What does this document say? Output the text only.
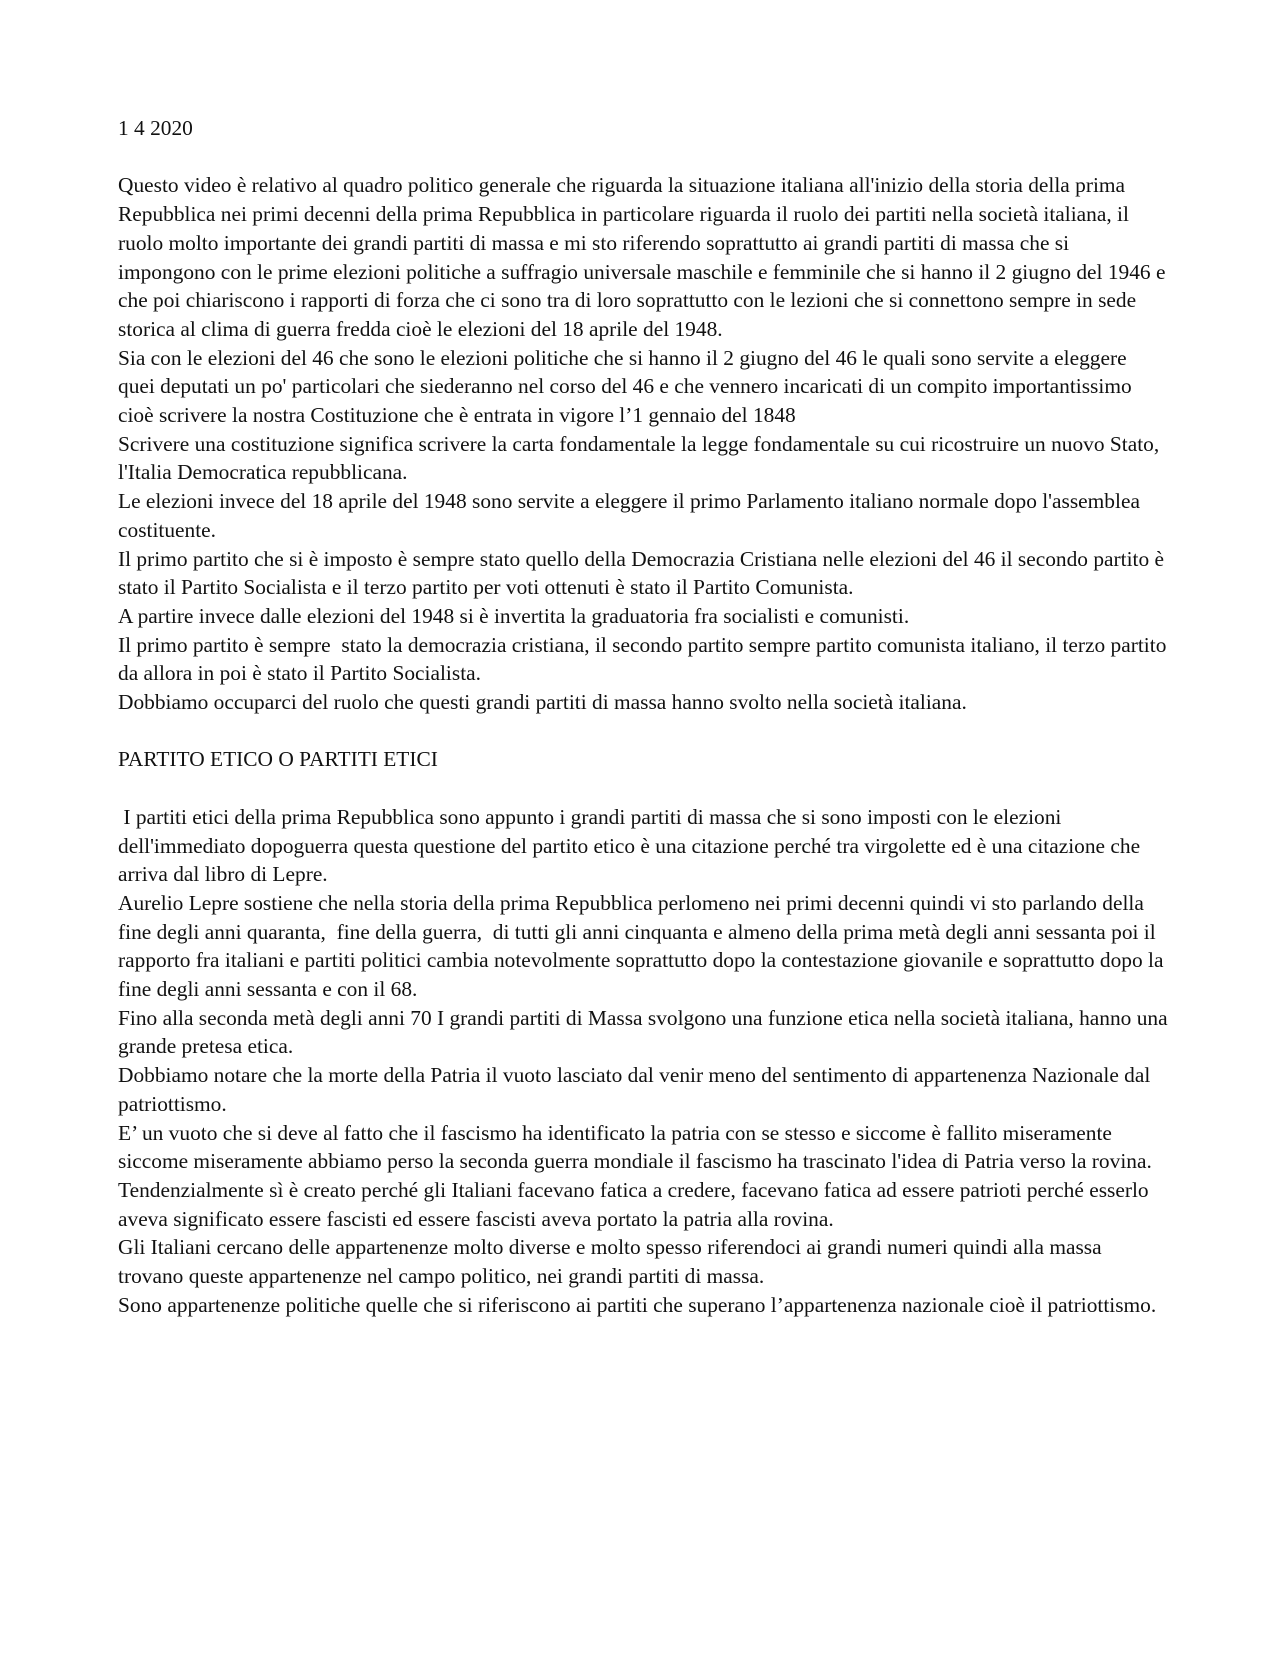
1 4 2020

Questo video è relativo al quadro politico generale che riguarda la situazione italiana all'inizio della storia della prima Repubblica nei primi decenni della prima Repubblica in particolare riguarda il ruolo dei partiti nella società italiana, il ruolo molto importante dei grandi partiti di massa e mi sto riferendo soprattutto ai grandi partiti di massa che si impongono con le prime elezioni politiche a suffragio universale maschile e femminile che si hanno il 2 giugno del 1946 e che poi chiariscono i rapporti di forza che ci sono tra di loro soprattutto con le lezioni che si connettono sempre in sede storica al clima di guerra fredda cioè le elezioni del 18 aprile del 1948.

Sia con le elezioni del 46 che sono le elezioni politiche che si hanno il 2 giugno del 46 le quali sono servite a eleggere  quei deputati un po' particolari che siederanno nel corso del 46 e che vennero incaricati di un compito importantissimo cioè scrivere la nostra Costituzione che è entrata in vigore l’1 gennaio del 1848

Scrivere una costituzione significa scrivere la carta fondamentale la legge fondamentale su cui ricostruire un nuovo Stato, l'Italia Democratica repubblicana.

Le elezioni invece del 18 aprile del 1948 sono servite a eleggere il primo Parlamento italiano normale dopo l'assemblea costituente.

Il primo partito che si è imposto è sempre stato quello della Democrazia Cristiana nelle elezioni del 46 il secondo partito è stato il Partito Socialista e il terzo partito per voti ottenuti è stato il Partito Comunista.

A partire invece dalle elezioni del 1948 si è invertita la graduatoria fra socialisti e comunisti.

Il primo partito è sempre  stato la democrazia cristiana, il secondo partito sempre partito comunista italiano, il terzo partito da allora in poi è stato il Partito Socialista.

Dobbiamo occuparci del ruolo che questi grandi partiti di massa hanno svolto nella società italiana.

PARTITO ETICO O PARTITI ETICI

I partiti etici della prima Repubblica sono appunto i grandi partiti di massa che si sono imposti con le elezioni dell'immediato dopoguerra questa questione del partito etico è una citazione perché tra virgolette ed è una citazione che arriva dal libro di Lepre.

Aurelio Lepre sostiene che nella storia della prima Repubblica perlomeno nei primi decenni quindi vi sto parlando della fine degli anni quaranta,  fine della guerra,  di tutti gli anni cinquanta e almeno della prima metà degli anni sessanta poi il rapporto fra italiani e partiti politici cambia notevolmente soprattutto dopo la contestazione giovanile e soprattutto dopo la fine degli anni sessanta e con il 68.

Fino alla seconda metà degli anni 70 I grandi partiti di Massa svolgono una funzione etica nella società italiana, hanno una grande pretesa etica.

Dobbiamo notare che la morte della Patria il vuoto lasciato dal venir meno del sentimento di appartenenza Nazionale dal patriottismo.

E’ un vuoto che si deve al fatto che il fascismo ha identificato la patria con se stesso e siccome è fallito miseramente siccome miseramente abbiamo perso la seconda guerra mondiale il fascismo ha trascinato l'idea di Patria verso la rovina.

Tendenzialmente sì è creato perché gli Italiani facevano fatica a credere, facevano fatica ad essere patrioti perché esserlo aveva significato essere fascisti ed essere fascisti aveva portato la patria alla rovina.

Gli Italiani cercano delle appartenenze molto diverse e molto spesso riferendoci ai grandi numeri quindi alla massa trovano queste appartenenze nel campo politico, nei grandi partiti di massa.

Sono appartenenze politiche quelle che si riferiscono ai partiti che superano l’appartenenza nazionale cioè il patriottismo.
